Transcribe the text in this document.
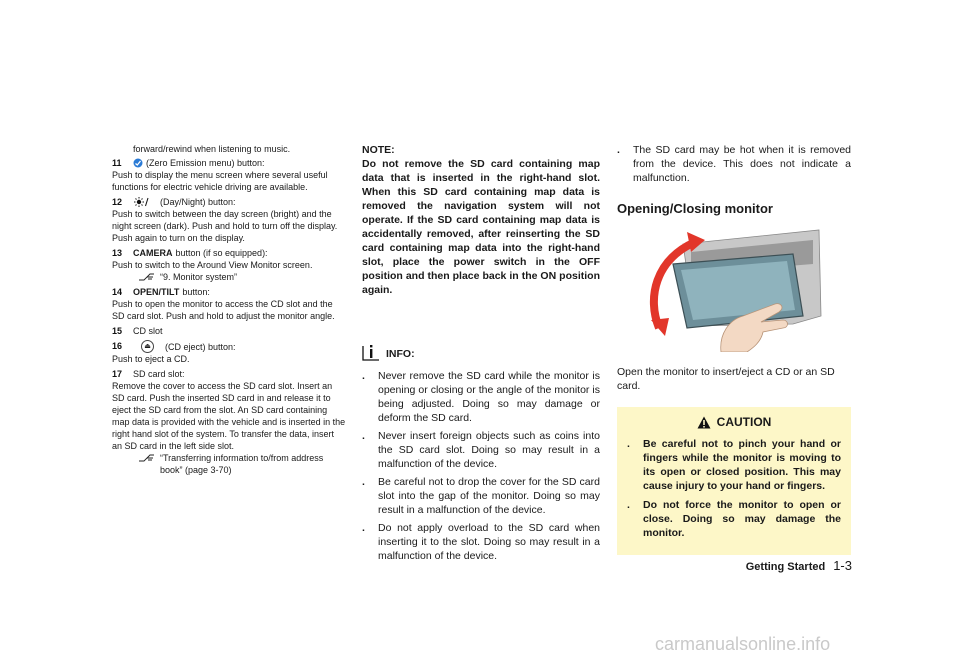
forward/rewind when listening to music.
11	(Zero Emission menu) button:
Push to display the menu screen where several useful functions for electric vehicle driving are available.
12	(Day/Night) button:
Push to switch between the day screen (bright) and the night screen (dark). Push and hold to turn off the display. Push again to turn on the display.
13 CAMERA button (if so equipped):
Push to switch to the Around View Monitor screen.
“9. Monitor system”
14 OPEN/TILT button:
Push to open the monitor to access the CD slot and the SD card slot. Push and hold to adjust the monitor angle.
15 CD slot
16	⏏	(CD eject) button:
Push to eject a CD.
17 SD card slot:
Remove the cover to access the SD card slot. Insert an SD card. Push the inserted SD card in and release it to eject the SD card from the slot. An SD card containing map data is provided with the vehicle and is inserted in the right hand slot of the system. To transfer the data, insert an SD card in the left side slot.
“Transferring information to/from address book” (page 3-70)
NOTE:
Do not remove the SD card containing map data that is inserted in the right-hand slot. When this SD card containing map data is removed the navigation system will not operate. If the SD card containing map data is accidentally removed, after reinserting the SD card containing map data into the right-hand slot, place the power switch in the OFF position and then place back in the ON position again.
INFO:
.	Never remove the SD card while the monitor is opening or closing or the angle of the monitor is being adjusted. Doing so may damage or deform the SD card.
.	Never insert foreign objects such as coins into the SD card slot. Doing so may result in a malfunction of the device.
.	Be careful not to drop the cover for the SD card slot into the gap of the monitor. Doing so may result in a malfunction of the device.
.	Do not apply overload to the SD card when inserting it to the slot. Doing so may result in a malfunction of the device.
.	The SD card may be hot when it is removed from the device. This does not indicate a malfunction.
Opening/Closing monitor
Open the monitor to insert/eject a CD or an SD card.
CAUTION
.	Be careful not to pinch your hand or fingers while the monitor is moving to its open or closed position. This may cause injury to your hand or fingers.
.	Do not force the monitor to open or close. Doing so may damage the monitor.
Getting Started 1-3
carmanualsonline.info
